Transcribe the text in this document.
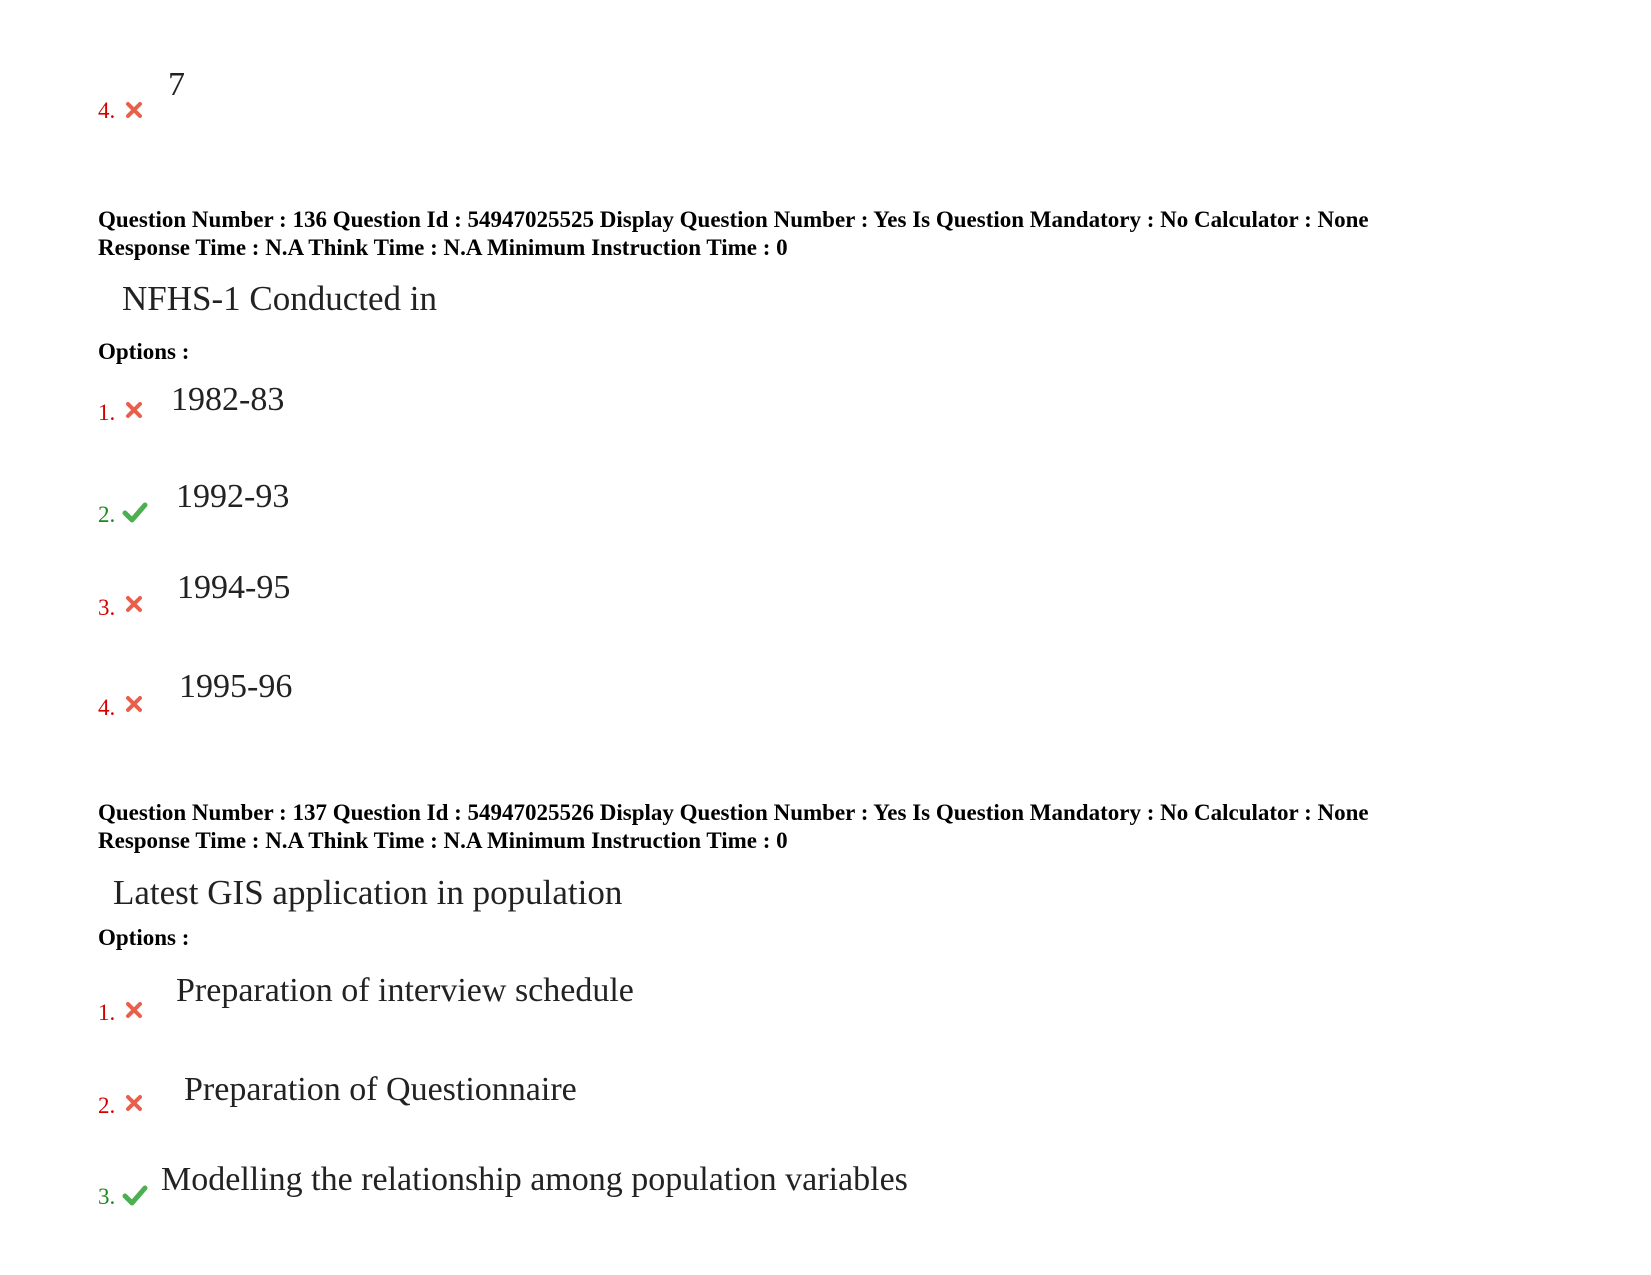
4.
7
Question Number : 136 Question Id : 54947025525 Display Question Number : Yes Is Question Mandatory : No Calculator : None
Response Time : N.A Think Time : N.A Minimum Instruction Time : 0
NFHS-1 Conducted in
Options :
1. 1982-83
2. 1992-93
3.
1994-95
4.
1995-96
Question Number : 137 Question Id : 54947025526 Display Question Number : Yes Is Question Mandatory : No Calculator : None
Response Time : N.A Think Time : N.A Minimum Instruction Time : 0
Latest GIS application in population
Options :
1.
Preparation of interview schedule
2. Preparation of Questionnaire
3. Modelling the relationship among population variables
